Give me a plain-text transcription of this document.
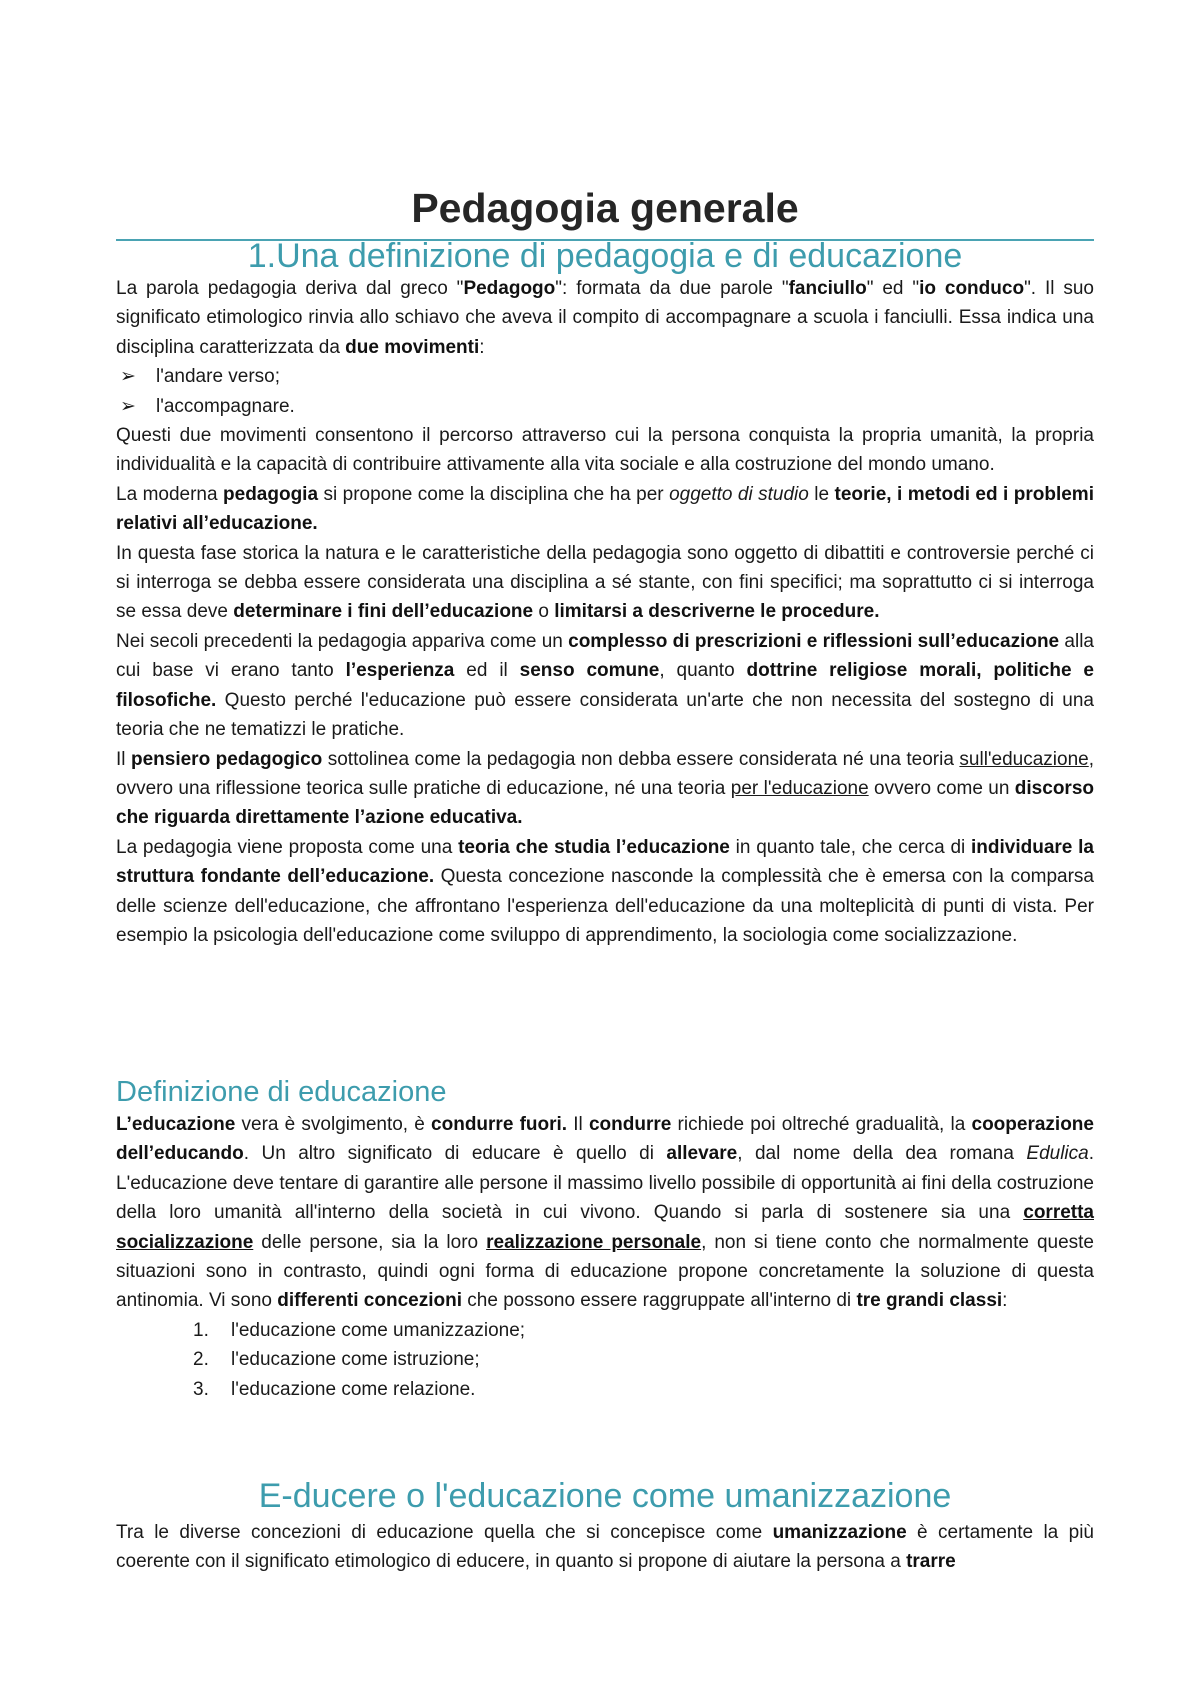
Pedagogia generale
1.Una definizione di pedagogia e di educazione

La parola pedagogia deriva dal greco "Pedagogo": formata da due parole "fanciullo" ed "io conduco". Il suo significato etimologico rinvia allo schiavo che aveva il compito di accompagnare a scuola i fanciulli. Essa indica una disciplina caratterizzata da due movimenti:

➢ l'andare verso;
➢ l'accompagnare.

Questi due movimenti consentono il percorso attraverso cui la persona conquista la propria umanità, la propria individualità e la capacità di contribuire attivamente alla vita sociale e alla costruzione del mondo umano.

La moderna pedagogia si propone come la disciplina che ha per oggetto di studio le teorie, i metodi ed i problemi relativi all’educazione.

In questa fase storica la natura e le caratteristiche della pedagogia sono oggetto di dibattiti e controversie perché ci si interroga se debba essere considerata una disciplina a sé stante, con fini specifici; ma soprattutto ci si interroga se essa deve determinare i fini dell’educazione o limitarsi a descriverne le procedure.

Nei secoli precedenti la pedagogia appariva come un complesso di prescrizioni e riflessioni sull’educazione alla cui base vi erano tanto l’esperienza ed il senso comune, quanto dottrine religiose morali, politiche e filosofiche. Questo perché l'educazione può essere considerata un'arte che non necessita del sostegno di una teoria che ne tematizzi le pratiche.

Il pensiero pedagogico sottolinea come la pedagogia non debba essere considerata né una teoria sull'educazione, ovvero una riflessione teorica sulle pratiche di educazione, né una teoria per l'educazione ovvero come un discorso che riguarda direttamente l’azione educativa.

La pedagogia viene proposta come una teoria che studia l’educazione in quanto tale, che cerca di individuare la struttura fondante dell’educazione. Questa concezione nasconde la complessità che è emersa con la comparsa delle scienze dell'educazione, che affrontano l'esperienza dell'educazione da una molteplicità di punti di vista. Per esempio la psicologia dell'educazione come sviluppo di apprendimento, la sociologia come socializzazione.

Definizione di educazione

L’educazione vera è svolgimento, è condurre fuori. Il condurre richiede poi oltreché gradualità, la cooperazione dell’educando. Un altro significato di educare è quello di allevare, dal nome della dea romana Edulica. L'educazione deve tentare di garantire alle persone il massimo livello possibile di opportunità ai fini della costruzione della loro umanità all'interno della società in cui vivono. Quando si parla di sostenere sia una corretta socializzazione delle persone, sia la loro realizzazione personale, non si tiene conto che normalmente queste situazioni sono in contrasto, quindi ogni forma di educazione propone concretamente la soluzione di questa antinomia. Vi sono differenti concezioni che possono essere raggruppate all'interno di tre grandi classi:

1. l'educazione come umanizzazione;
2. l'educazione come istruzione;
3. l'educazione come relazione.
E-ducere o l'educazione come umanizzazione

Tra le diverse concezioni di educazione quella che si concepisce come umanizzazione è certamente la più coerente con il significato etimologico di educere, in quanto si propone di aiutare la persona a trarre
